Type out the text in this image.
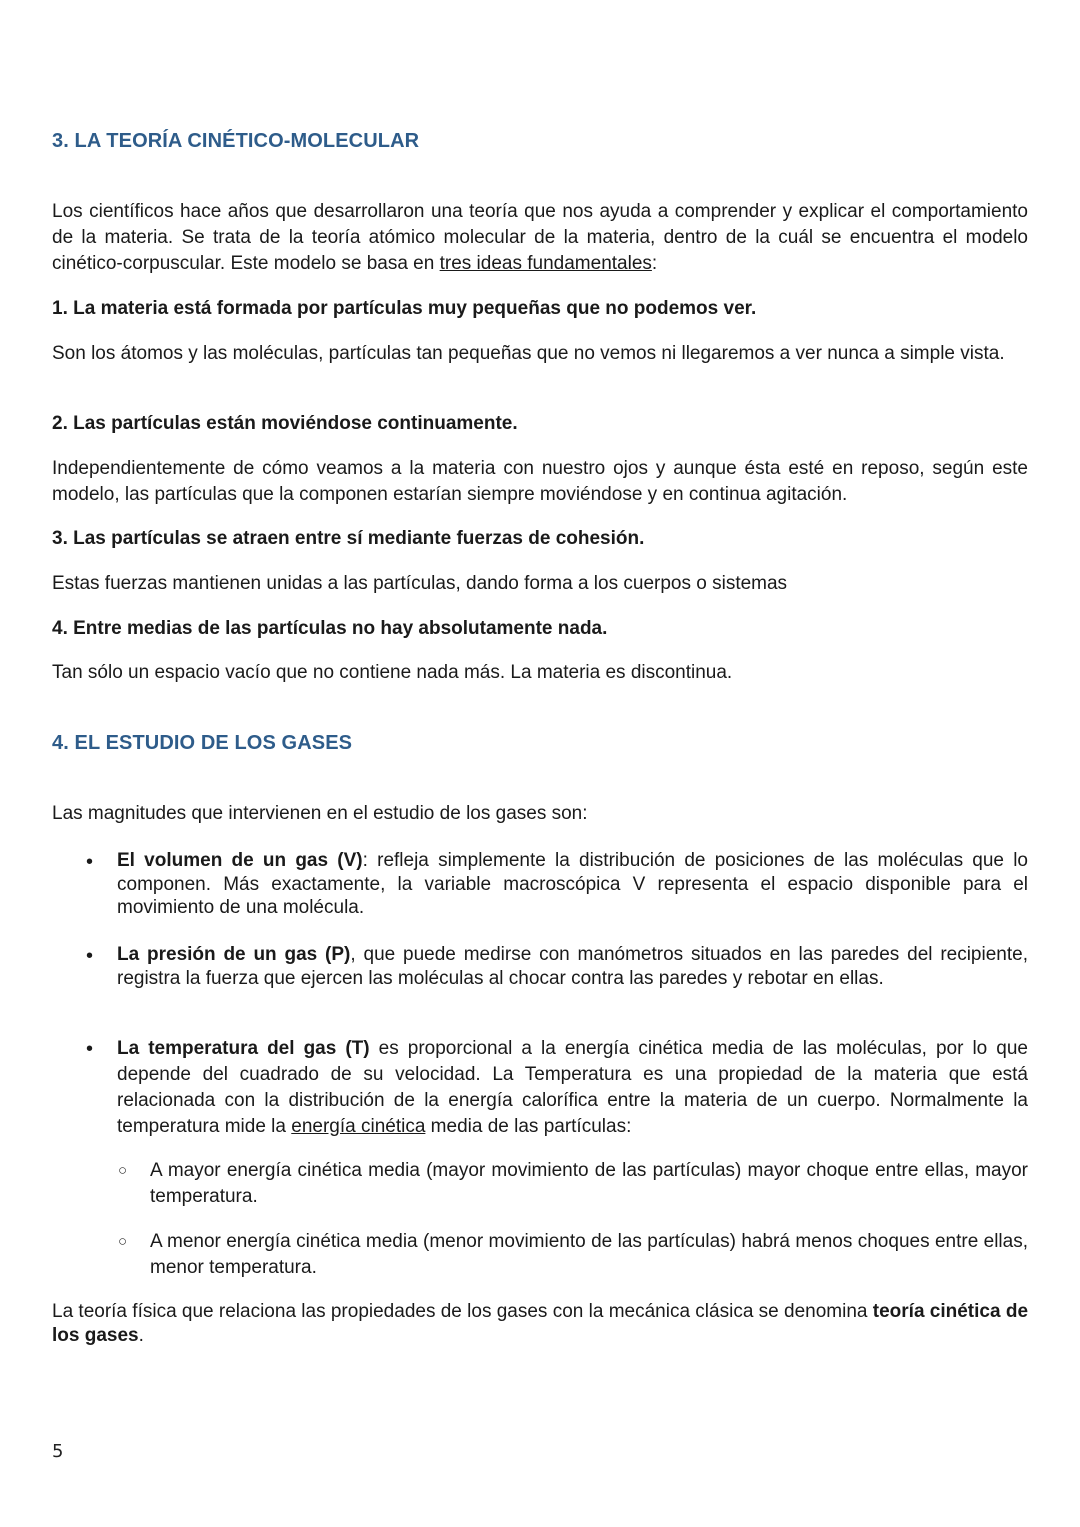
3. LA TEORÍA CINÉTICO-MOLECULAR

Los científicos hace años que desarrollaron una teoría que nos ayuda a comprender y explicar el comportamiento de la materia. Se trata de la teoría atómico molecular de la materia, dentro de la cuál se encuentra el modelo cinético-corpuscular. Este modelo se basa en tres ideas fundamentales:

1. La materia está formada por partículas muy pequeñas que no podemos ver.

Son los átomos y las moléculas, partículas tan pequeñas que no vemos ni llegaremos a ver nunca a simple vista.

2. Las partículas están moviéndose continuamente.

Independientemente de cómo veamos a la materia con nuestro ojos y aunque ésta esté en reposo, según este modelo, las partículas que la componen estarían siempre moviéndose y en continua agitación.

3. Las partículas se atraen entre sí mediante fuerzas de cohesión.

Estas fuerzas mantienen unidas a las partículas, dando forma a los cuerpos o sistemas

4. Entre medias de las partículas no hay absolutamente nada.

Tan sólo un espacio vacío que no contiene nada más. La materia es discontinua.

4. EL ESTUDIO DE LOS GASES

Las magnitudes que intervienen en el estudio de los gases son:

•	El volumen de un gas (V): refleja simplemente la distribución de posiciones de las moléculas que lo componen. Más exactamente, la variable macroscópica V representa el espacio disponible para el movimiento de una molécula.

•	La presión de un gas (P), que puede medirse con manómetros situados en las paredes del recipiente, registra la fuerza que ejercen las moléculas al chocar contra las paredes y rebotar en ellas.

•	La temperatura del gas (T) es proporcional a la energía cinética media de las moléculas, por lo que depende del cuadrado de su velocidad. La Temperatura es una propiedad de la materia que está relacionada con la distribución de la energía calorífica entre la materia de un cuerpo. Normalmente la temperatura mide la energía cinética media de las partículas:

○ A mayor energía cinética media (mayor movimiento de las partículas) mayor choque entre ellas, mayor temperatura.

○ A menor energía cinética media (menor movimiento de las partículas) habrá menos choques entre ellas, menor temperatura.

La teoría física que relaciona las propiedades de los gases con la mecánica clásica se denomina teoría cinética de los gases.

5
